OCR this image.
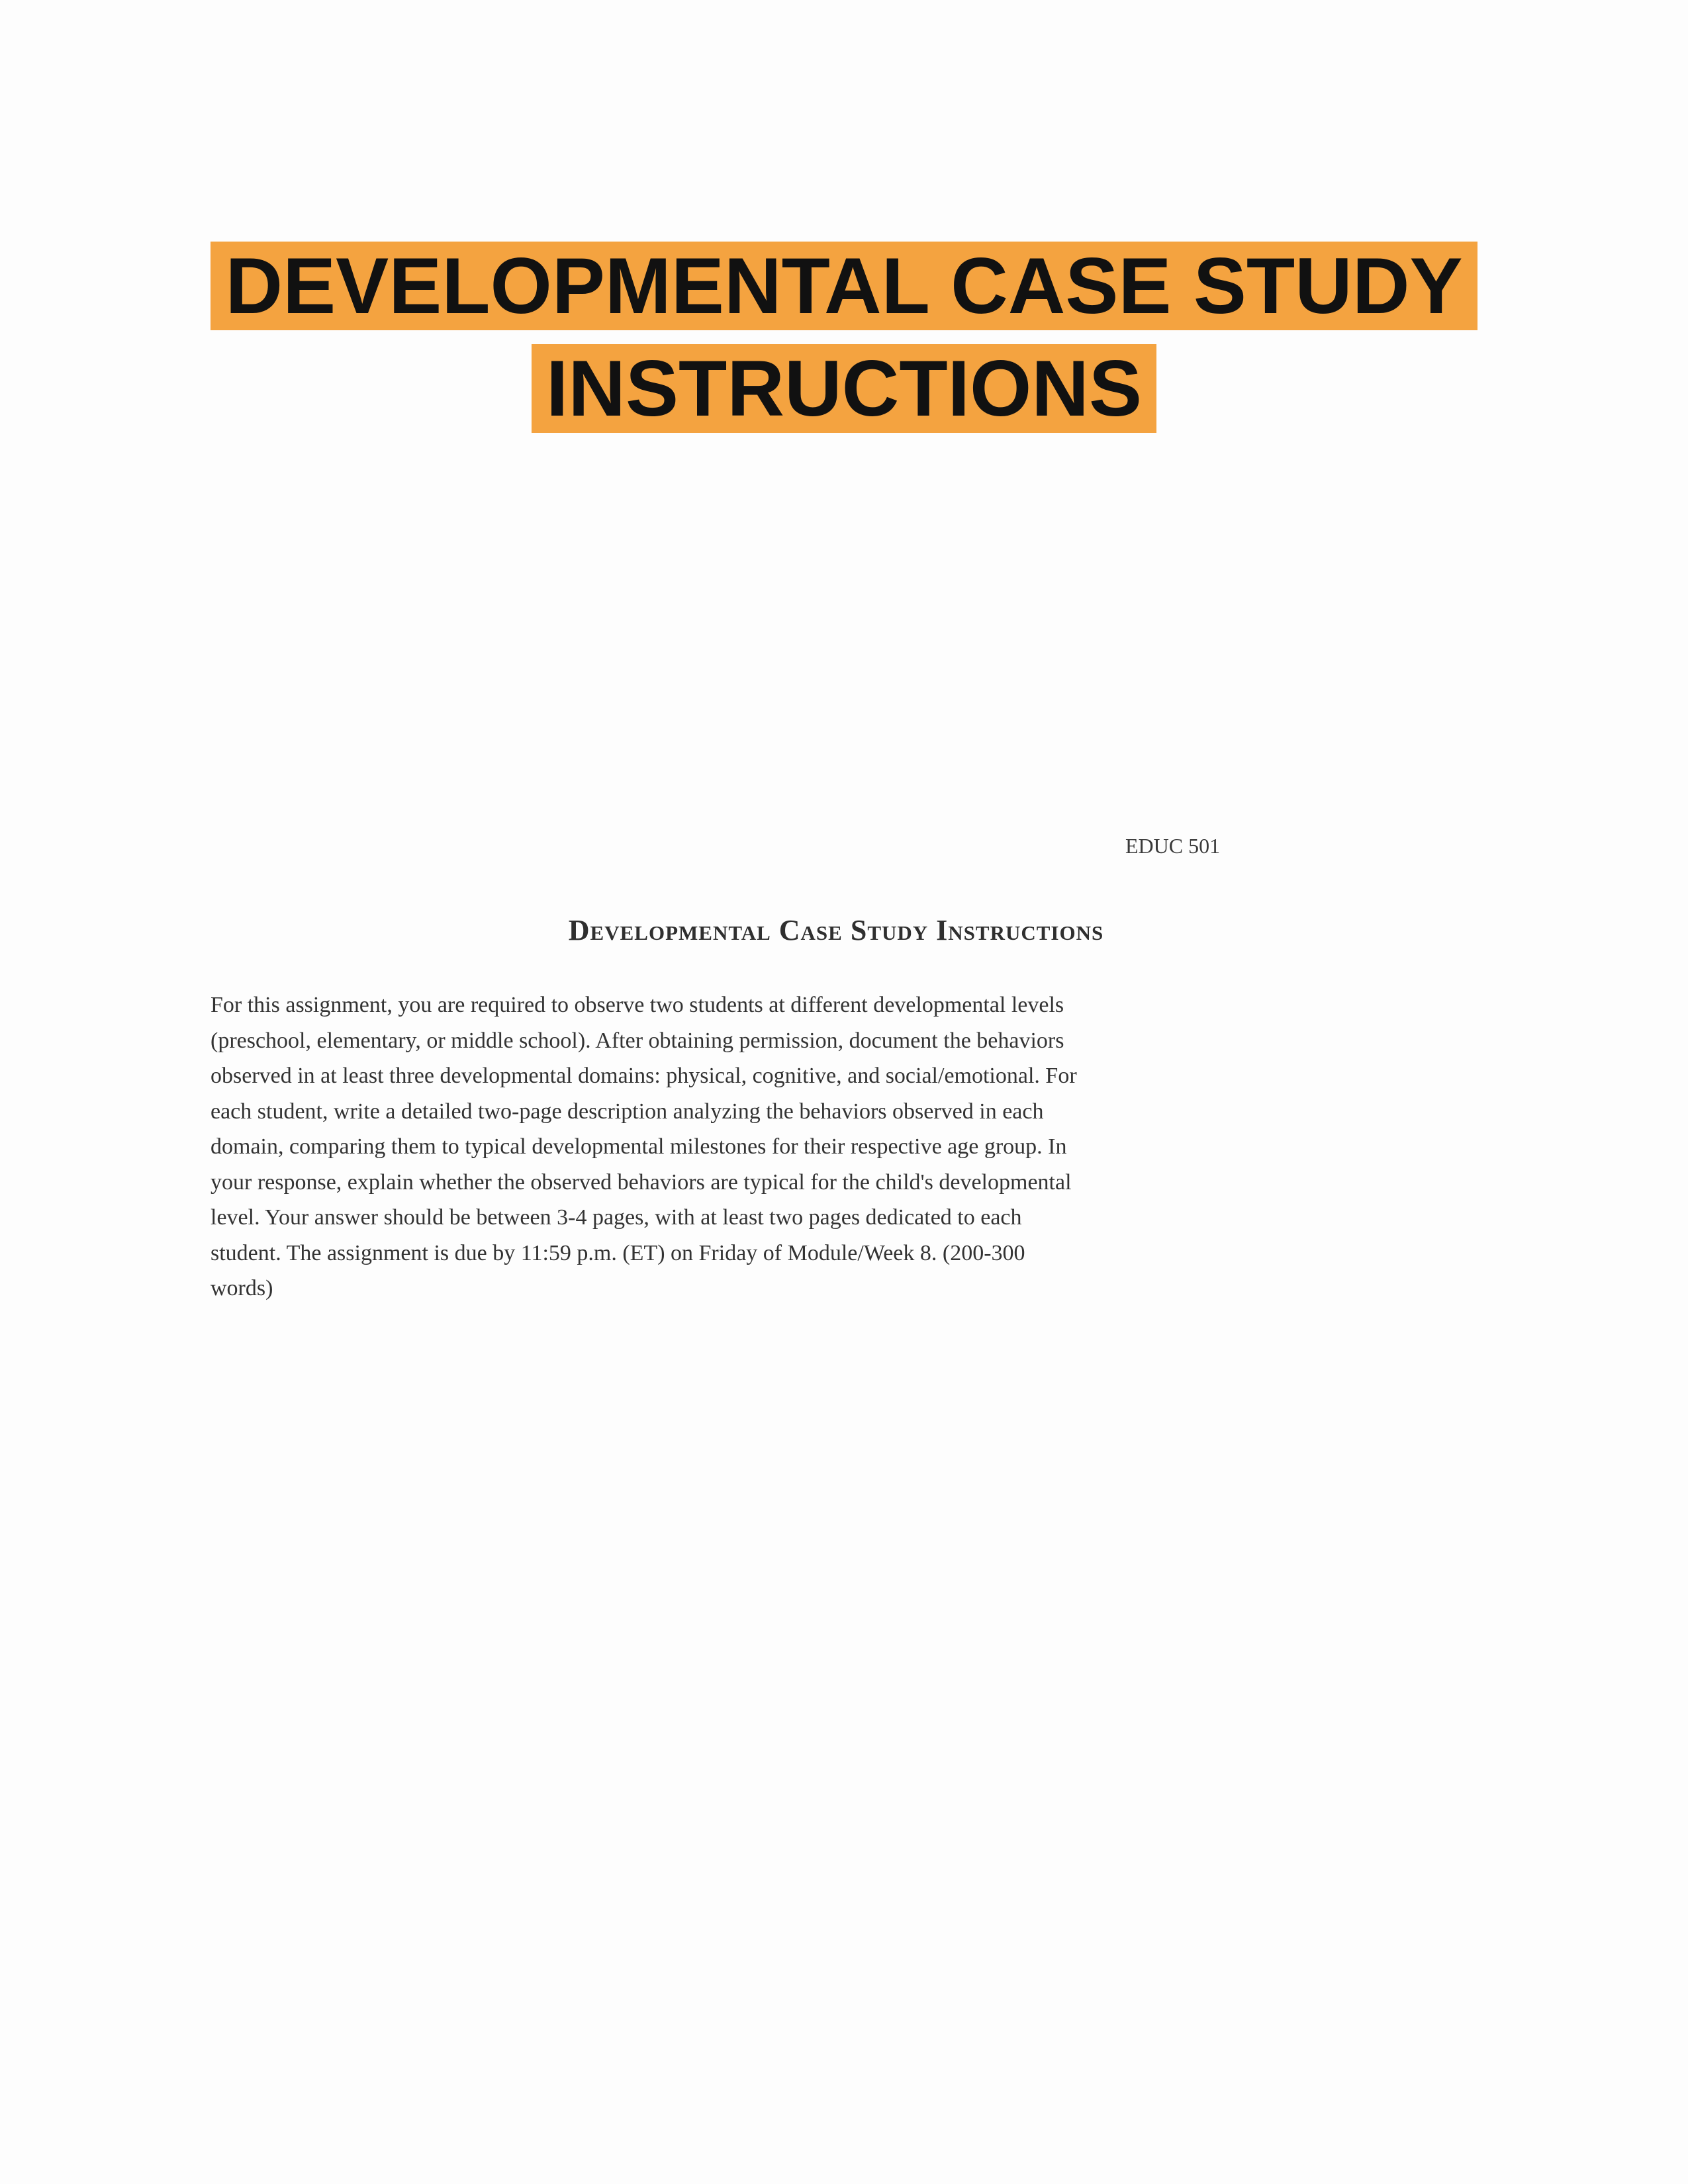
DEVELOPMENTAL CASE STUDY
INSTRUCTIONS
EDUC 501
Developmental Case Study Instructions

For this assignment, you are required to observe two students at different developmental levels
(preschool, elementary, or middle school). After obtaining permission, document the behaviors
observed in at least three developmental domains: physical, cognitive, and social/emotional. For
each student, write a detailed two-page description analyzing the behaviors observed in each
domain, comparing them to typical developmental milestones for their respective age group. In
your response, explain whether the observed behaviors are typical for the child's developmental
level. Your answer should be between 3-4 pages, with at least two pages dedicated to each
student. The assignment is due by 11:59 p.m. (ET) on Friday of Module/Week 8. (200-300
words)
